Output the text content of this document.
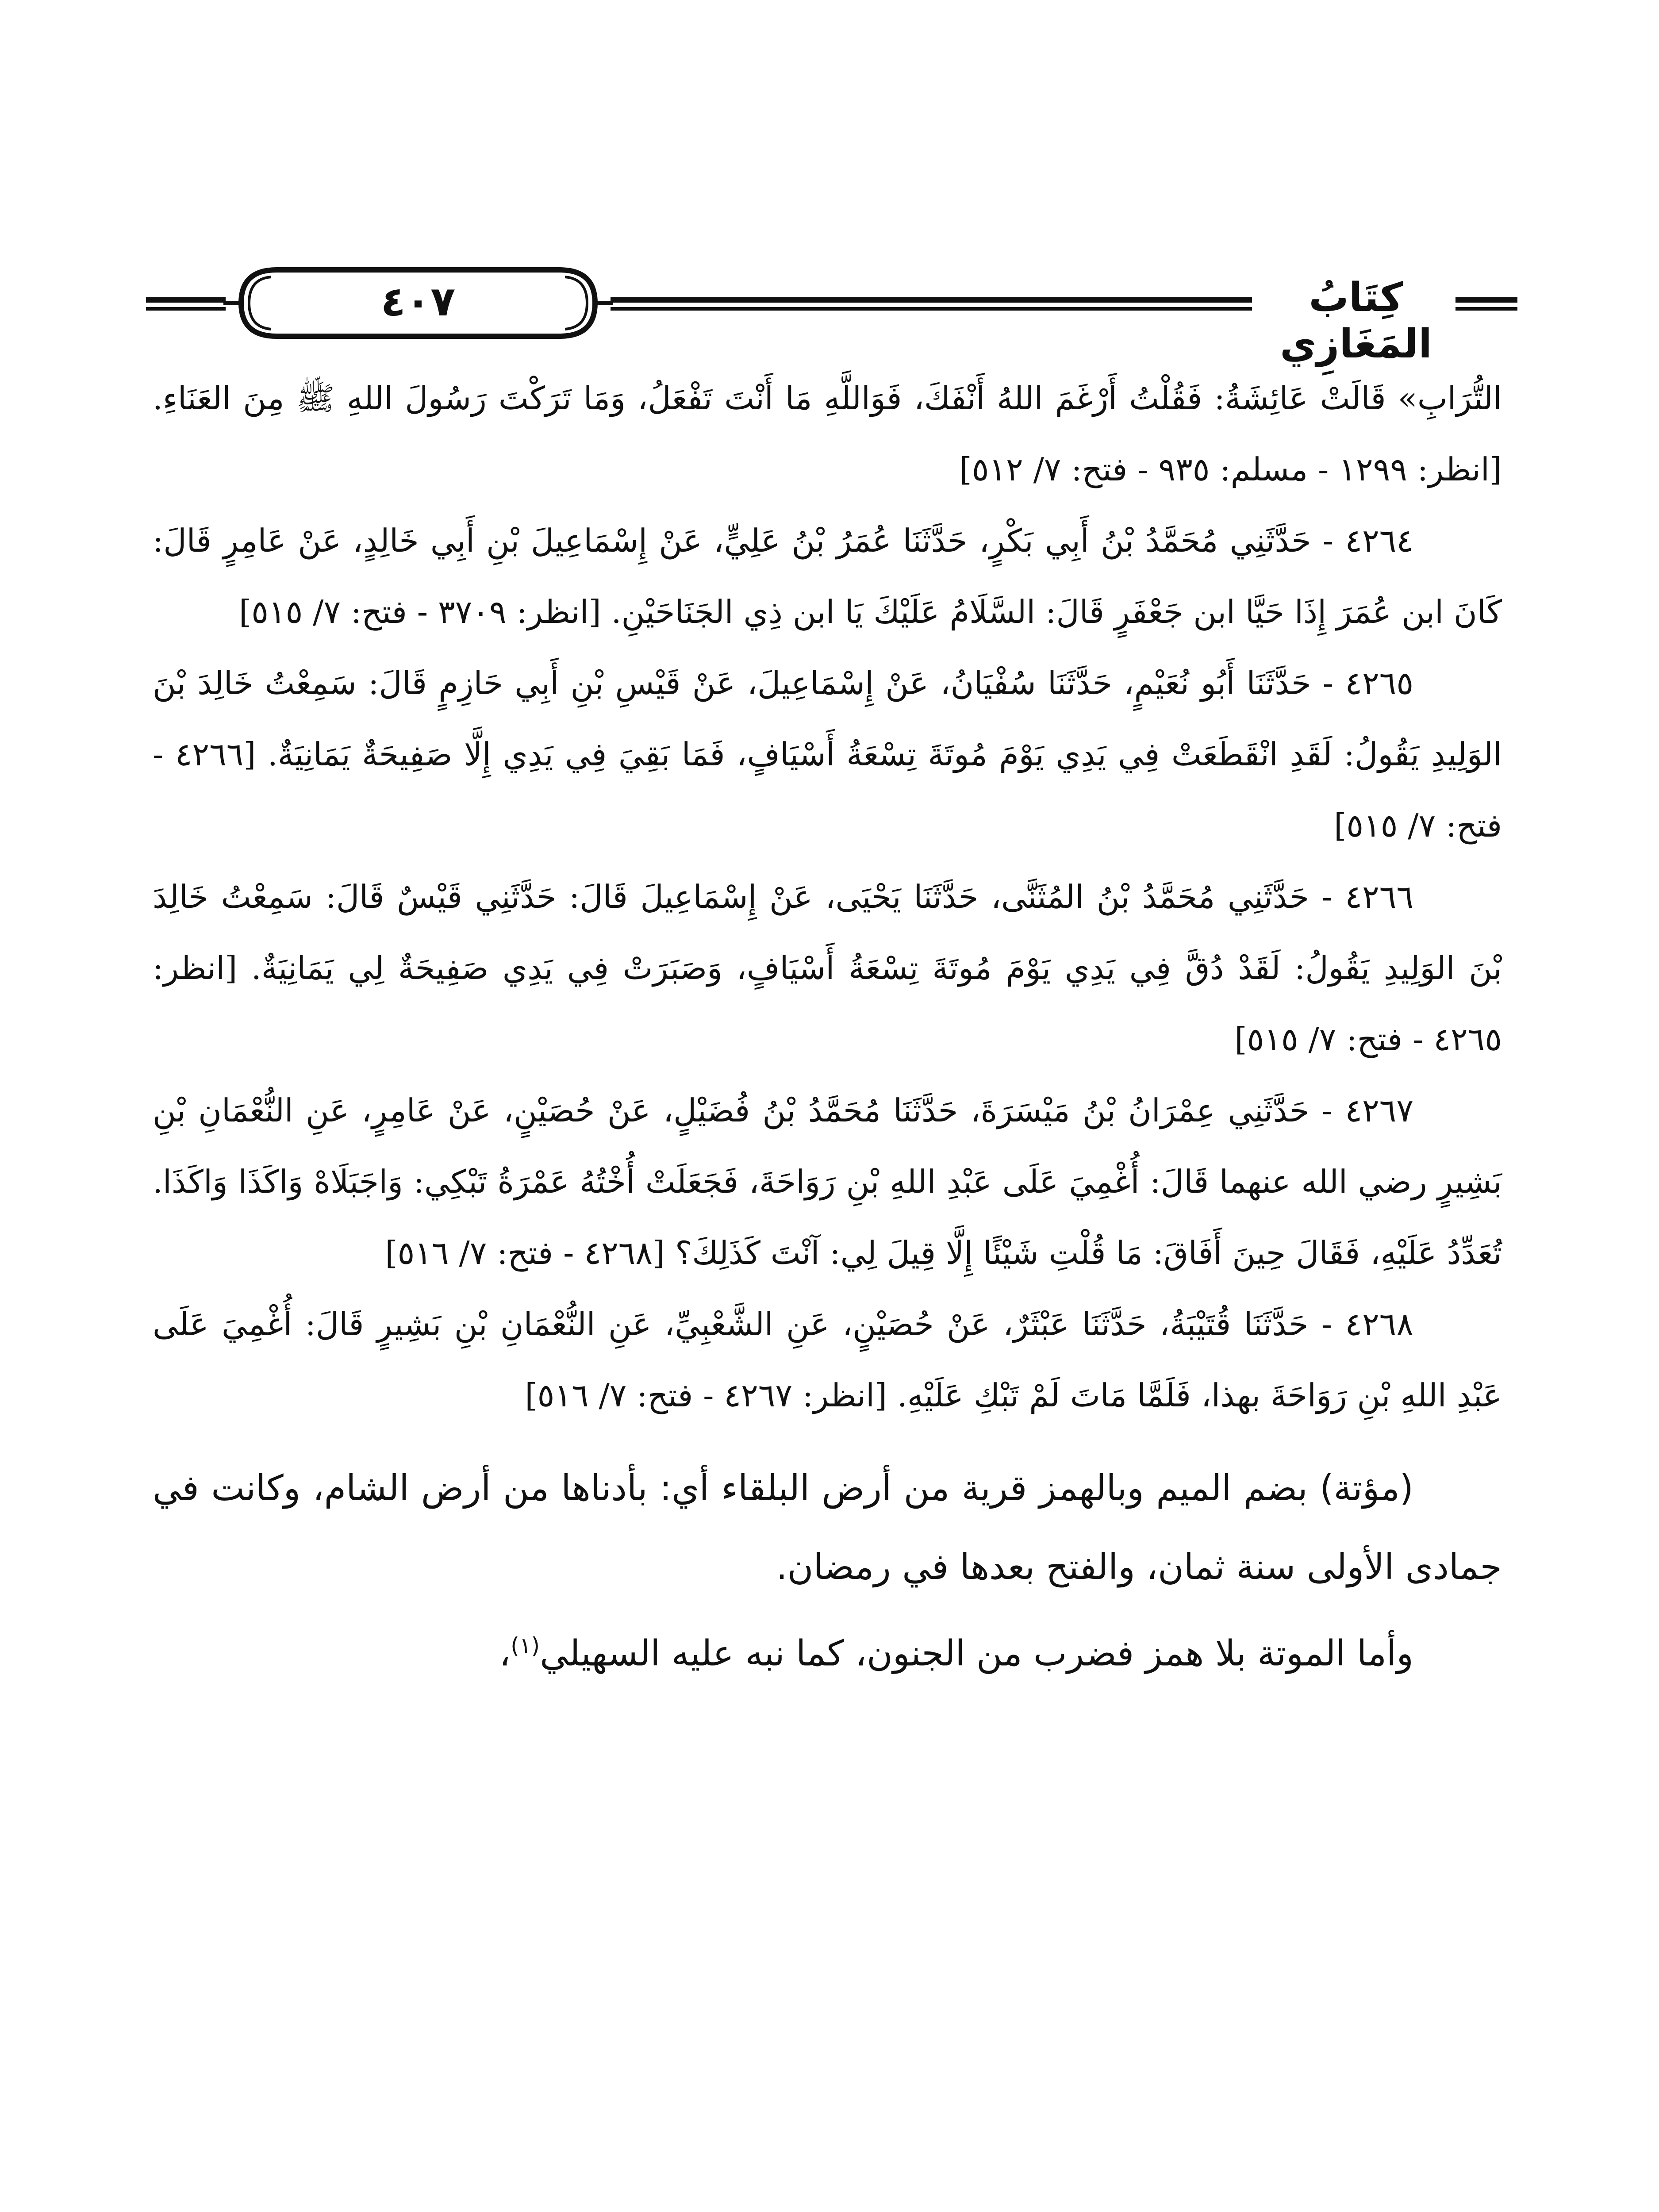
٤٠٧	كِتَابُ المَغَازِي

التُّرَابِ» قَالَتْ عَائِشَةُ: فَقُلْتُ أَرْغَمَ اللهُ أَنْفَكَ، فَوَاللَّهِ مَا أَنْتَ تَفْعَلُ، وَمَا تَرَكْتَ رَسُولَ اللهِ ﷺ مِنَ العَنَاءِ. [انظر: ١٢٩٩ - مسلم: ٩٣٥ - فتح: ٧/ ٥١٢]

٤٢٦٤ - حَدَّثَنِي مُحَمَّدُ بْنُ أَبِي بَكْرٍ، حَدَّثَنَا عُمَرُ بْنُ عَلِيٍّ، عَنْ إِسْمَاعِيلَ بْنِ أَبِي خَالِدٍ، عَنْ عَامِرٍ قَالَ: كَانَ ابن عُمَرَ إِذَا حَيَّا ابن جَعْفَرٍ قَالَ: السَّلَامُ عَلَيْكَ يَا ابن ذِي الجَنَاحَيْنِ. [انظر: ٣٧٠٩ - فتح: ٧/ ٥١٥]

٤٢٦٥ - حَدَّثَنَا أَبُو نُعَيْمٍ، حَدَّثَنَا سُفْيَانُ، عَنْ إِسْمَاعِيلَ، عَنْ قَيْسِ بْنِ أَبِي حَازِمٍ قَالَ: سَمِعْتُ خَالِدَ بْنَ الوَلِيدِ يَقُولُ: لَقَدِ انْقَطَعَتْ فِي يَدِي يَوْمَ مُوتَةَ تِسْعَةُ أَسْيَافٍ، فَمَا بَقِيَ فِي يَدِي إِلَّا صَفِيحَةٌ يَمَانِيَةٌ. [٤٢٦٦ - فتح: ٧/ ٥١٥]

٤٢٦٦ - حَدَّثَنِي مُحَمَّدُ بْنُ المُثَنَّى، حَدَّثَنَا يَحْيَى، عَنْ إِسْمَاعِيلَ قَالَ: حَدَّثَنِي قَيْسٌ قَالَ: سَمِعْتُ خَالِدَ بْنَ الوَلِيدِ يَقُولُ: لَقَدْ دُقَّ فِي يَدِي يَوْمَ مُوتَةَ تِسْعَةُ أَسْيَافٍ، وَصَبَرَتْ فِي يَدِي صَفِيحَةٌ لِي يَمَانِيَةٌ. [انظر: ٤٢٦٥ - فتح: ٧/ ٥١٥]

٤٢٦٧ - حَدَّثَنِي عِمْرَانُ بْنُ مَيْسَرَةَ، حَدَّثَنَا مُحَمَّدُ بْنُ فُضَيْلٍ، عَنْ حُصَيْنٍ، عَنْ عَامِرٍ، عَنِ النُّعْمَانِ بْنِ بَشِيرٍ رضي الله عنهما قَالَ: أُغْمِيَ عَلَى عَبْدِ اللهِ بْنِ رَوَاحَةَ، فَجَعَلَتْ أُخْتُهُ عَمْرَةُ تَبْكِي: وَاجَبَلَاهْ وَاكَذَا وَاكَذَا. تُعَدِّدُ عَلَيْهِ، فَقَالَ حِينَ أَفَاقَ: مَا قُلْتِ شَيْئًا إِلَّا قِيلَ لِي: آنْتَ كَذَلِكَ؟ [٤٢٦٨ - فتح: ٧/ ٥١٦]

٤٢٦٨ - حَدَّثَنَا قُتَيْبَةُ، حَدَّثَنَا عَبْثَرٌ، عَنْ حُصَيْنٍ، عَنِ الشَّعْبِيِّ، عَنِ النُّعْمَانِ بْنِ بَشِيرٍ قَالَ: أُغْمِيَ عَلَى عَبْدِ اللهِ بْنِ رَوَاحَةَ بهذا، فَلَمَّا مَاتَ لَمْ تَبْكِ عَلَيْهِ. [انظر: ٤٢٦٧ - فتح: ٧/ ٥١٦]

(مؤتة) بضم الميم وبالهمز قرية من أرض البلقاء أي: بأدناها من أرض الشام، وكانت في جمادى الأولى سنة ثمان، والفتح بعدها في رمضان.

وأما الموتة بلا همز فضرب من الجنون، كما نبه عليه السهيلي$^{(١)}$،
